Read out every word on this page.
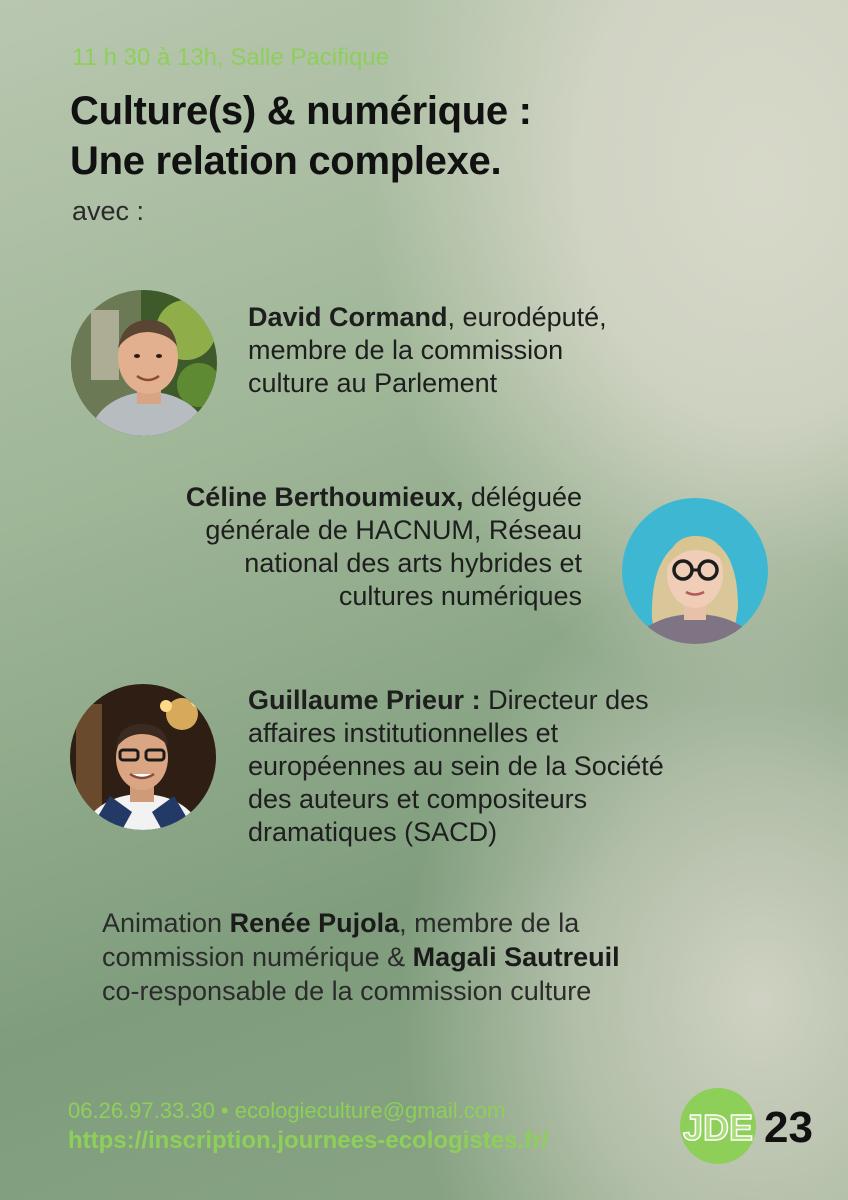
11 h 30 à 13h, Salle Pacifique
Culture(s) & numérique :
Une relation complexe.
avec :
David Cormand, eurodéputé,
membre de la commission
culture au Parlement
Céline Berthoumieux, déléguée
générale de HACNUM, Réseau
national des arts hybrides et
cultures numériques
Guillaume Prieur : Directeur des
affaires institutionnelles et
européennes au sein de la Société
des auteurs et compositeurs
dramatiques (SACD)
Animation Renée Pujola, membre de la
commission numérique & Magali Sautreuil
co-responsable de la commission culture
06.26.97.33.30 • ecologieculture@gmail.com
https://inscription.journees-ecologistes.fr/	JDE 23
